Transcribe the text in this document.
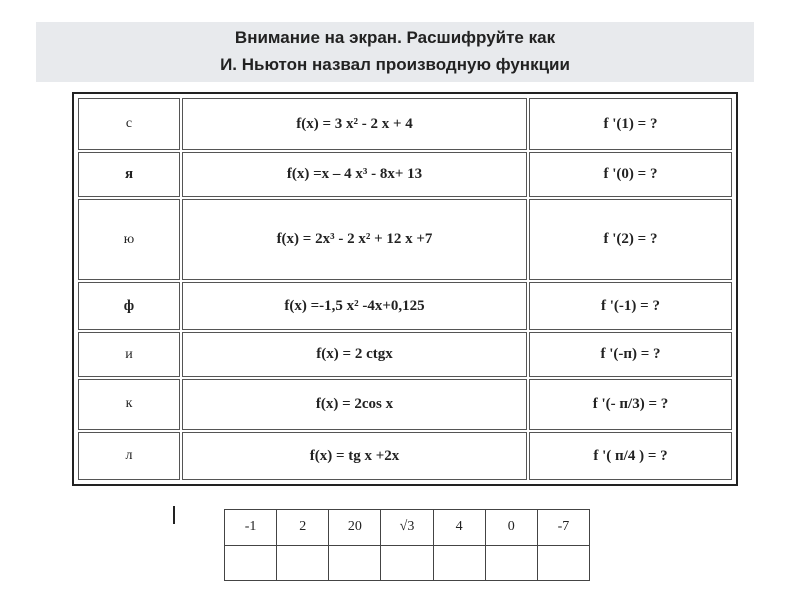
Внимание на экран. Расшифруйте как
И. Ньютон назвал производную функции
с	f(x) = 3 x² - 2 x + 4	f '(1) = ?
я	f(x) =x – 4 x³ - 8x+ 13	f '(0) = ?
ю	f(x) = 2x³ - 2 x² + 12 x +7	f '(2) = ?
ф	f(x) =-1,5 x² -4x+0,125	f '(-1) = ?
и	f(x) = 2 ctgx	f '(-п) = ?
к	f(x) = 2cos x	f '(- п/3) = ?
л	f(x) = tg x +2x	f '( п/4 ) = ?
-1	2	20	√3	4	0	-7
